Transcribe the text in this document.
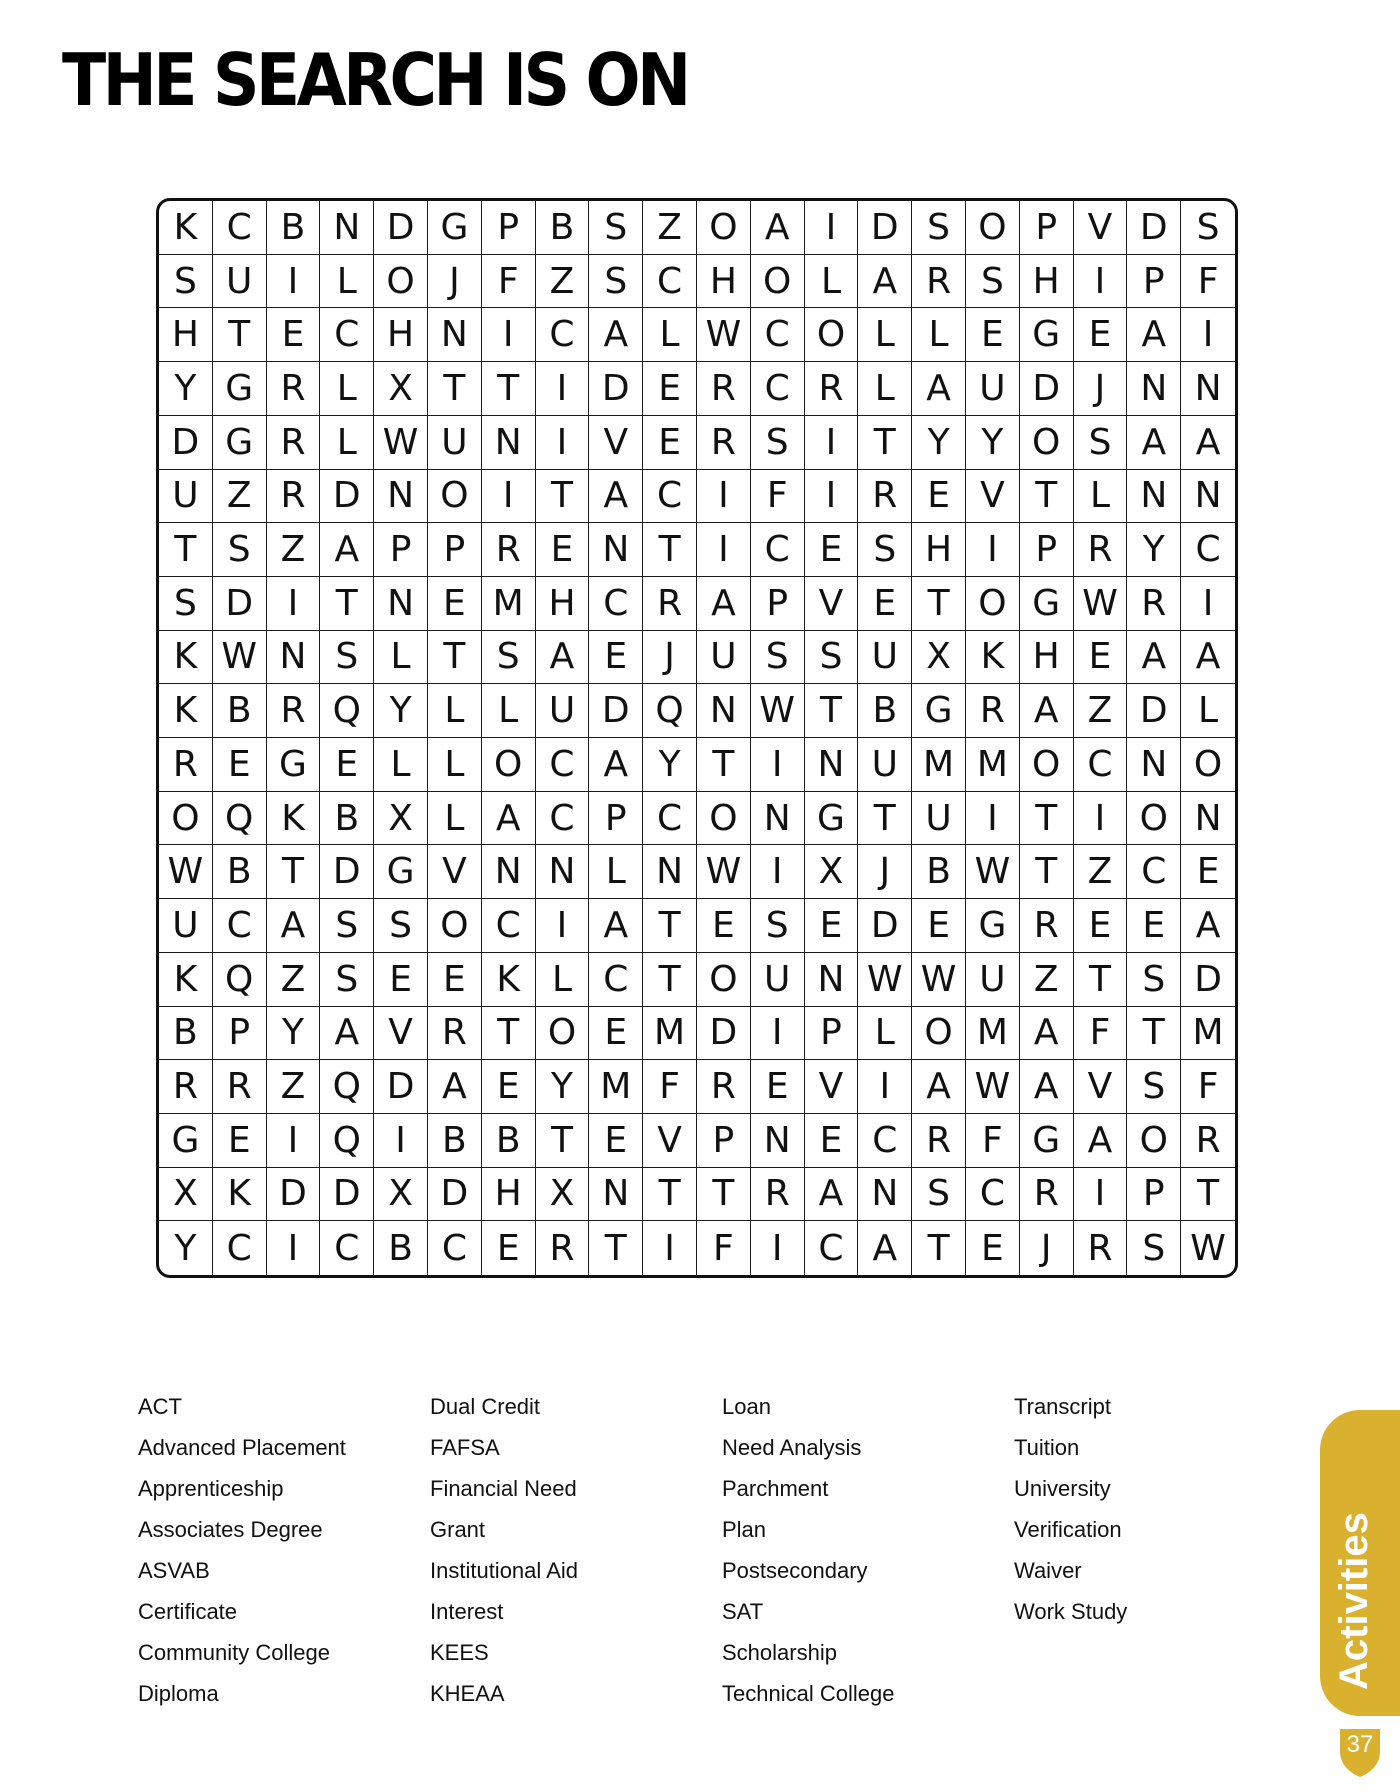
THE SEARCH IS ON
K C B N D G P B S Z O A	I D S O P V D S
S U I	L O J	F Z S C H O L A R S H I	P F
H T E C H N I C A L W C O L L E G E A	I
Y G R L X T T	I D E R C R L A U D J N N
D G R L W U N I	V E R S	I	T Y Y O S A A
U Z R D N O I	T A C I	F	I R E V T L N N
T S Z A P P R E N T	I C E S H I	P R Y C
S D I	T N E M H C R A P V E T O G W R	I
K W N S L T S A E	J U S S U X K H E A A
K B R Q Y L L U D Q N W T B G R A Z D L
R E G E L L O C A Y T	I N U M M O C N O
O Q K B X L A C P C O N G T U I	T	I O N
W B T D G V N N L N W I	X	J	B W T Z C E
U C A S S O C I	A T E S E D E G R E E A
K Q Z S E E K L C T O U N W W U Z T S D
B P Y A V R T O E M D I	P L O M A F T M
R R Z Q D A E Y M F R E V	I	A W A V S F
G E	I Q I	B B T E V P N E C R F G A O R
X K D D X D H X N T T R A N S C R I	P T
Y C I C B C E R T	I	F	I C A T E	J R S W
ACT
Advanced Placement
Apprenticeship
Associates Degree
ASVAB
Certificate
Community College
Diploma
Dual Credit
FAFSA
Financial Need
Grant
Institutional Aid
Interest
KEES
KHEAA
Loan
Need Analysis
Parchment
Plan
Postsecondary
SAT
Scholarship
Technical College
Transcript
Tuition
University
Verification
Waiver
Work Study	Activities
37
